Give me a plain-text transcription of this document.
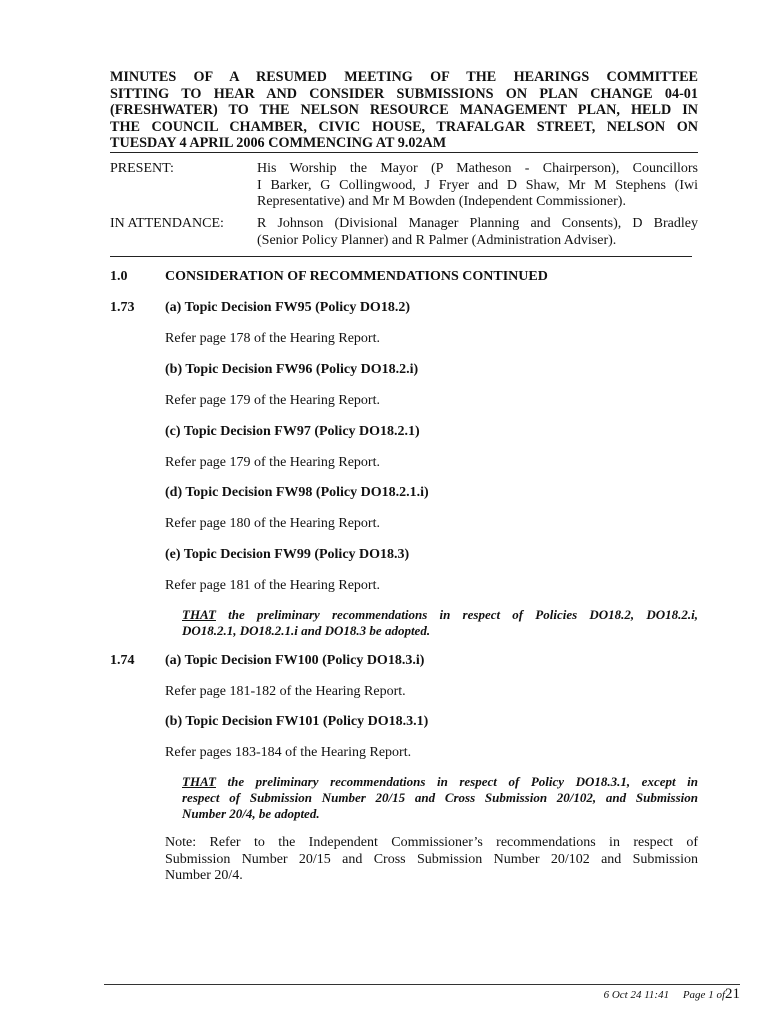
MINUTES OF A RESUMED MEETING OF THE HEARINGS COMMITTEE
SITTING TO HEAR AND CONSIDER SUBMISSIONS ON PLAN CHANGE 04-01
(FRESHWATER) TO THE NELSON RESOURCE MANAGEMENT PLAN, HELD IN
THE COUNCIL CHAMBER, CIVIC HOUSE, TRAFALGAR STREET, NELSON ON
TUESDAY 4 APRIL 2006 COMMENCING AT 9.02AM
PRESENT:	His Worship the Mayor (P Matheson - Chairperson), Councillors
I Barker, G Collingwood, J Fryer and D Shaw, Mr M Stephens (Iwi
Representative) and Mr M Bowden (Independent Commissioner).
IN ATTENDANCE: R Johnson (Divisional Manager Planning and Consents), D Bradley
(Senior Policy Planner) and R Palmer (Administration Adviser).
1.0	CONSIDERATION OF RECOMMENDATIONS CONTINUED
1.73 (a) Topic Decision FW95 (Policy DO18.2)
Refer page 178 of the Hearing Report.
(b) Topic Decision FW96 (Policy DO18.2.i)
Refer page 179 of the Hearing Report.
(c) Topic Decision FW97 (Policy DO18.2.1)
Refer page 179 of the Hearing Report.
(d) Topic Decision FW98 (Policy DO18.2.1.i)
Refer page 180 of the Hearing Report.
(e) Topic Decision FW99 (Policy DO18.3)
Refer page 181 of the Hearing Report.
THAT the preliminary recommendations in respect of Policies DO18.2, DO18.2.i,
DO18.2.1, DO18.2.1.i and DO18.3 be adopted.
1.74 (a) Topic Decision FW100 (Policy DO18.3.i)
Refer page 181-182 of the Hearing Report.
(b) Topic Decision FW101 (Policy DO18.3.1)
Refer pages 183-184 of the Hearing Report.
THAT the preliminary recommendations in respect of Policy DO18.3.1, except in
respect of Submission Number 20/15 and Cross Submission 20/102, and Submission
Number 20/4, be adopted.
Note: Refer to the Independent Commissioner’s recommendations in respect of
Submission Number 20/15 and Cross Submission Number 20/102 and Submission
Number 20/4.
6 Oct 24 11:41 Page 1 of21
